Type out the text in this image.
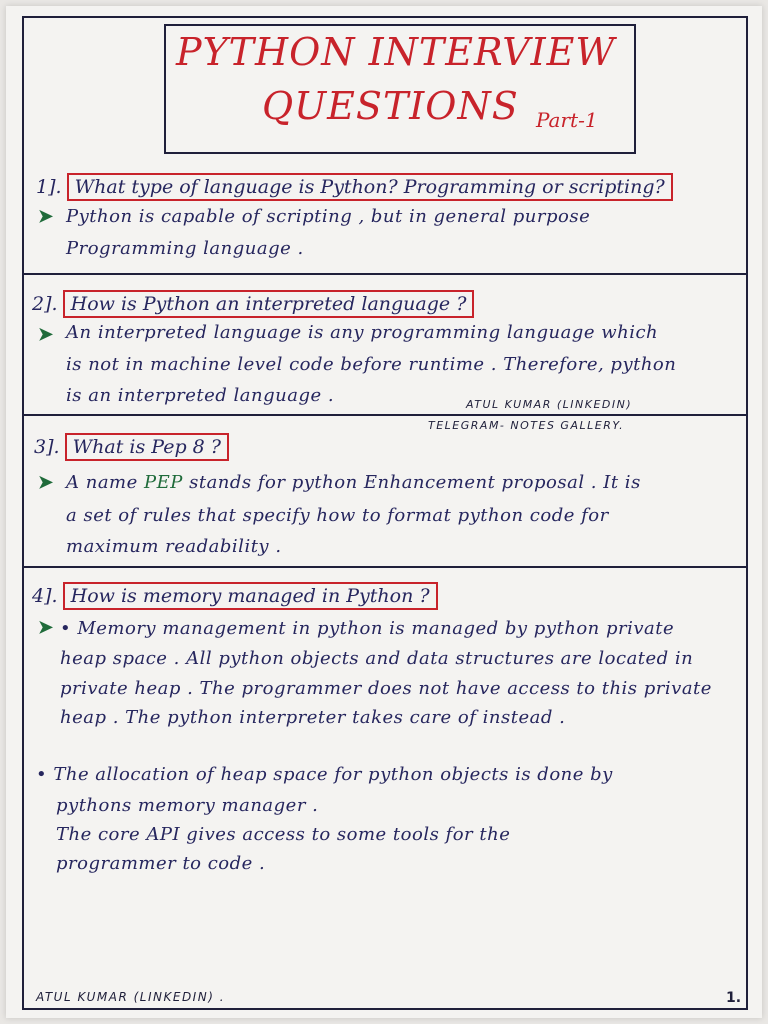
PYTHON INTERVIEW
QUESTIONS Part-1
1]. What type of language is Python? Programming or scripting?
➤ Python is capable of scripting , but in general purpose
Programming language .
2]. How is Python an interpreted language ?
➤ An interpreted language is any programming language which
is not in machine level code before runtime . Therefore, python
is an interpreted language .	ATUL KUMAR (LINKEDIN)
TELEGRAM- NOTES GALLERY.
3]. What is Pep 8 ?
➤ A name PEP stands for python Enhancement proposal . It is
a set of rules that specify how to format python code for
maximum readability .
4]. How is memory managed in Python ?
➤ • Memory management in python is managed by python private
heap space . All python objects and data structures are located in
private heap . The programmer does not have access to this private
heap . The python interpreter takes care of instead .
• The allocation of heap space for python objects is done by
pythons memory manager .
The core API gives access to some tools for the
programmer to code .
ATUL KUMAR (LINKEDIN) .	1.
